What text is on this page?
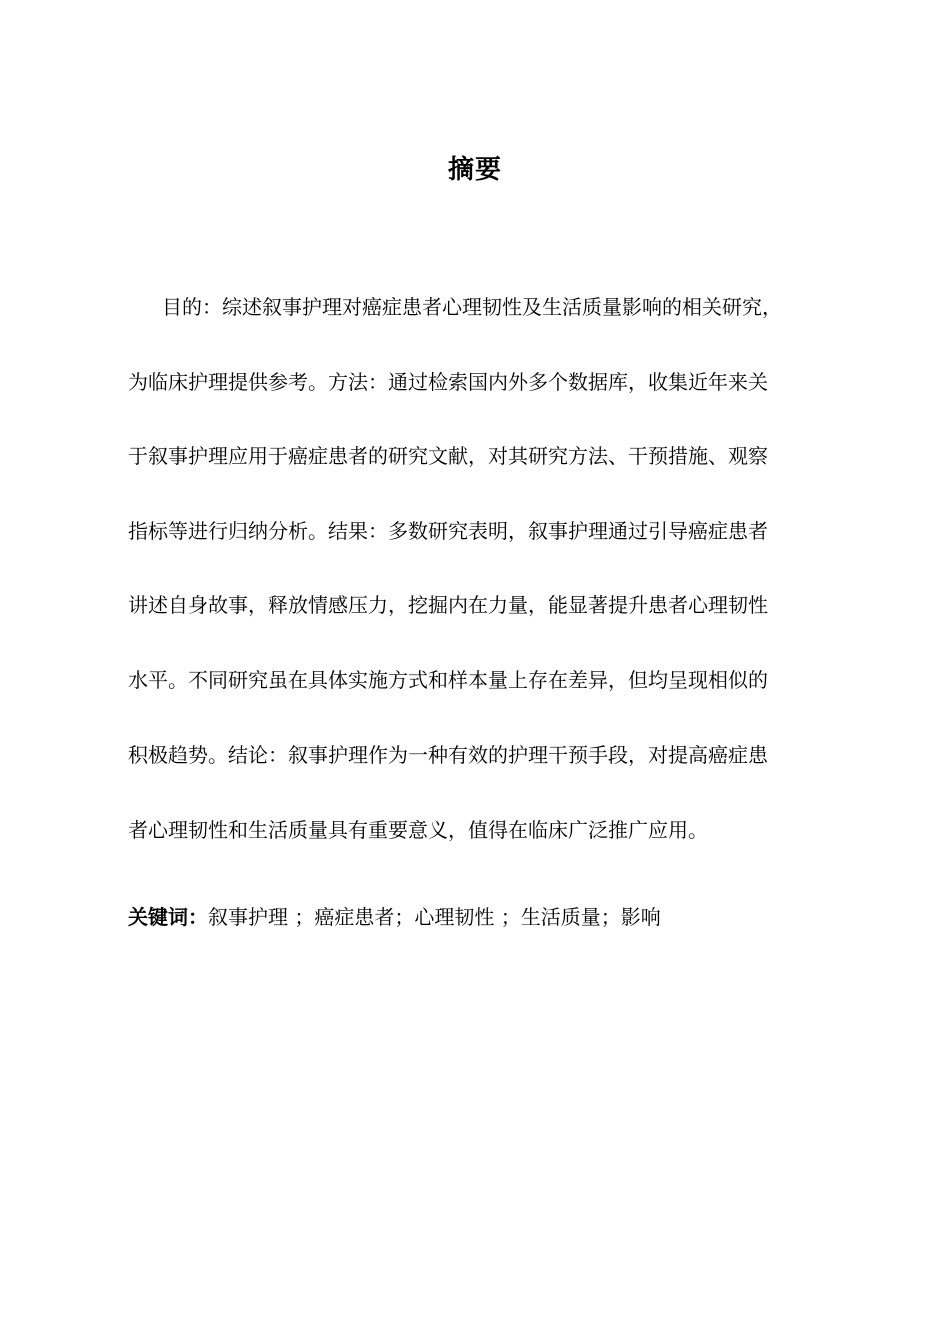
摘要
目的：综述叙事护理对癌症患者心理韧性及生活质量影响的相关研究，
为临床护理提供参考。方法：通过检索国内外多个数据库，收集近年来关
于叙事护理应用于癌症患者的研究文献，对其研究方法、干预措施、观察
指标等进行归纳分析。结果：多数研究表明，叙事护理通过引导癌症患者
讲述自身故事，释放情感压力，挖掘内在力量，能显著提升患者心理韧性
水平。不同研究虽在具体实施方式和样本量上存在差异，但均呈现相似的
积极趋势。结论：叙事护理作为一种有效的护理干预手段，对提高癌症患
者心理韧性和生活质量具有重要意义，值得在临床广泛推广应用。
关键词：叙事护理 ；癌症患者；心理韧性 ；生活质量；影响
